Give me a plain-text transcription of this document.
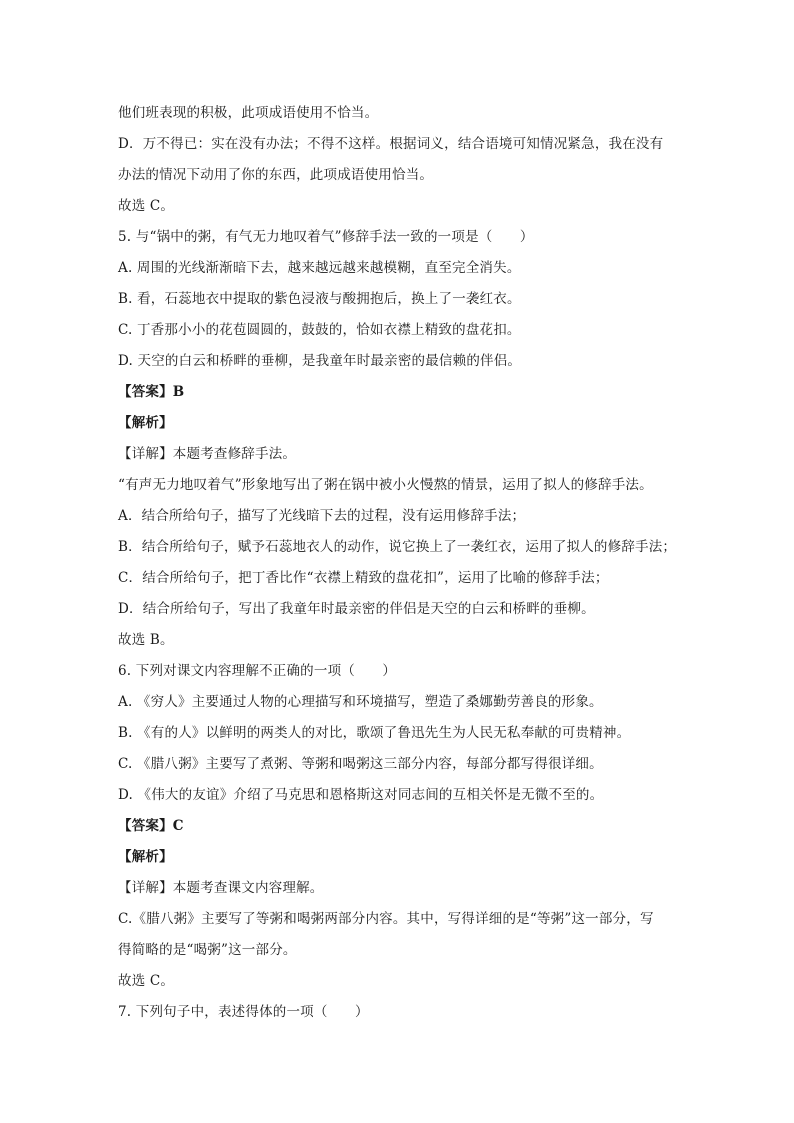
他们班表现的积极，此项成语使用不恰当。
D．万不得已：实在没有办法；不得不这样。根据词义，结合语境可知情况紧急，我在没有
办法的情况下动用了你的东西，此项成语使用恰当。
故选 C。
5. 与“锅中的粥，有气无力地叹着气”修辞手法一致的一项是（　　）
A. 周围的光线渐渐暗下去，越来越远越来越模糊，直至完全消失。
B. 看，石蕊地衣中提取的紫色浸液与酸拥抱后，换上了一袭红衣。
C. 丁香那小小的花苞圆圆的，鼓鼓的，恰如衣襟上精致的盘花扣。
D. 天空的白云和桥畔的垂柳，是我童年时最亲密的最信赖的伴侣。
【答案】B
【解析】
【详解】本题考查修辞手法。
“有声无力地叹着气”形象地写出了粥在锅中被小火慢熬的情景，运用了拟人的修辞手法。
A．结合所给句子，描写了光线暗下去的过程，没有运用修辞手法；
B．结合所给句子，赋予石蕊地衣人的动作，说它换上了一袭红衣，运用了拟人的修辞手法；
C．结合所给句子，把丁香比作“衣襟上精致的盘花扣”，运用了比喻的修辞手法；
D．结合所给句子，写出了我童年时最亲密的伴侣是天空的白云和桥畔的垂柳。
故选 B。
6. 下列对课文内容理解不正确的一项（　　）
A. 《穷人》主要通过人物的心理描写和环境描写，塑造了桑娜勤劳善良的形象。
B. 《有的人》以鲜明的两类人的对比，歌颂了鲁迅先生为人民无私奉献的可贵精神。
C. 《腊八粥》主要写了煮粥、等粥和喝粥这三部分内容，每部分都写得很详细。
D. 《伟大的友谊》介绍了马克思和恩格斯这对同志间的互相关怀是无微不至的。
【答案】C
【解析】
【详解】本题考查课文内容理解。
C.《腊八粥》主要写了等粥和喝粥两部分内容。其中，写得详细的是“等粥”这一部分，写
得简略的是“喝粥”这一部分。
故选 C。
7. 下列句子中，表述得体的一项（　　）
